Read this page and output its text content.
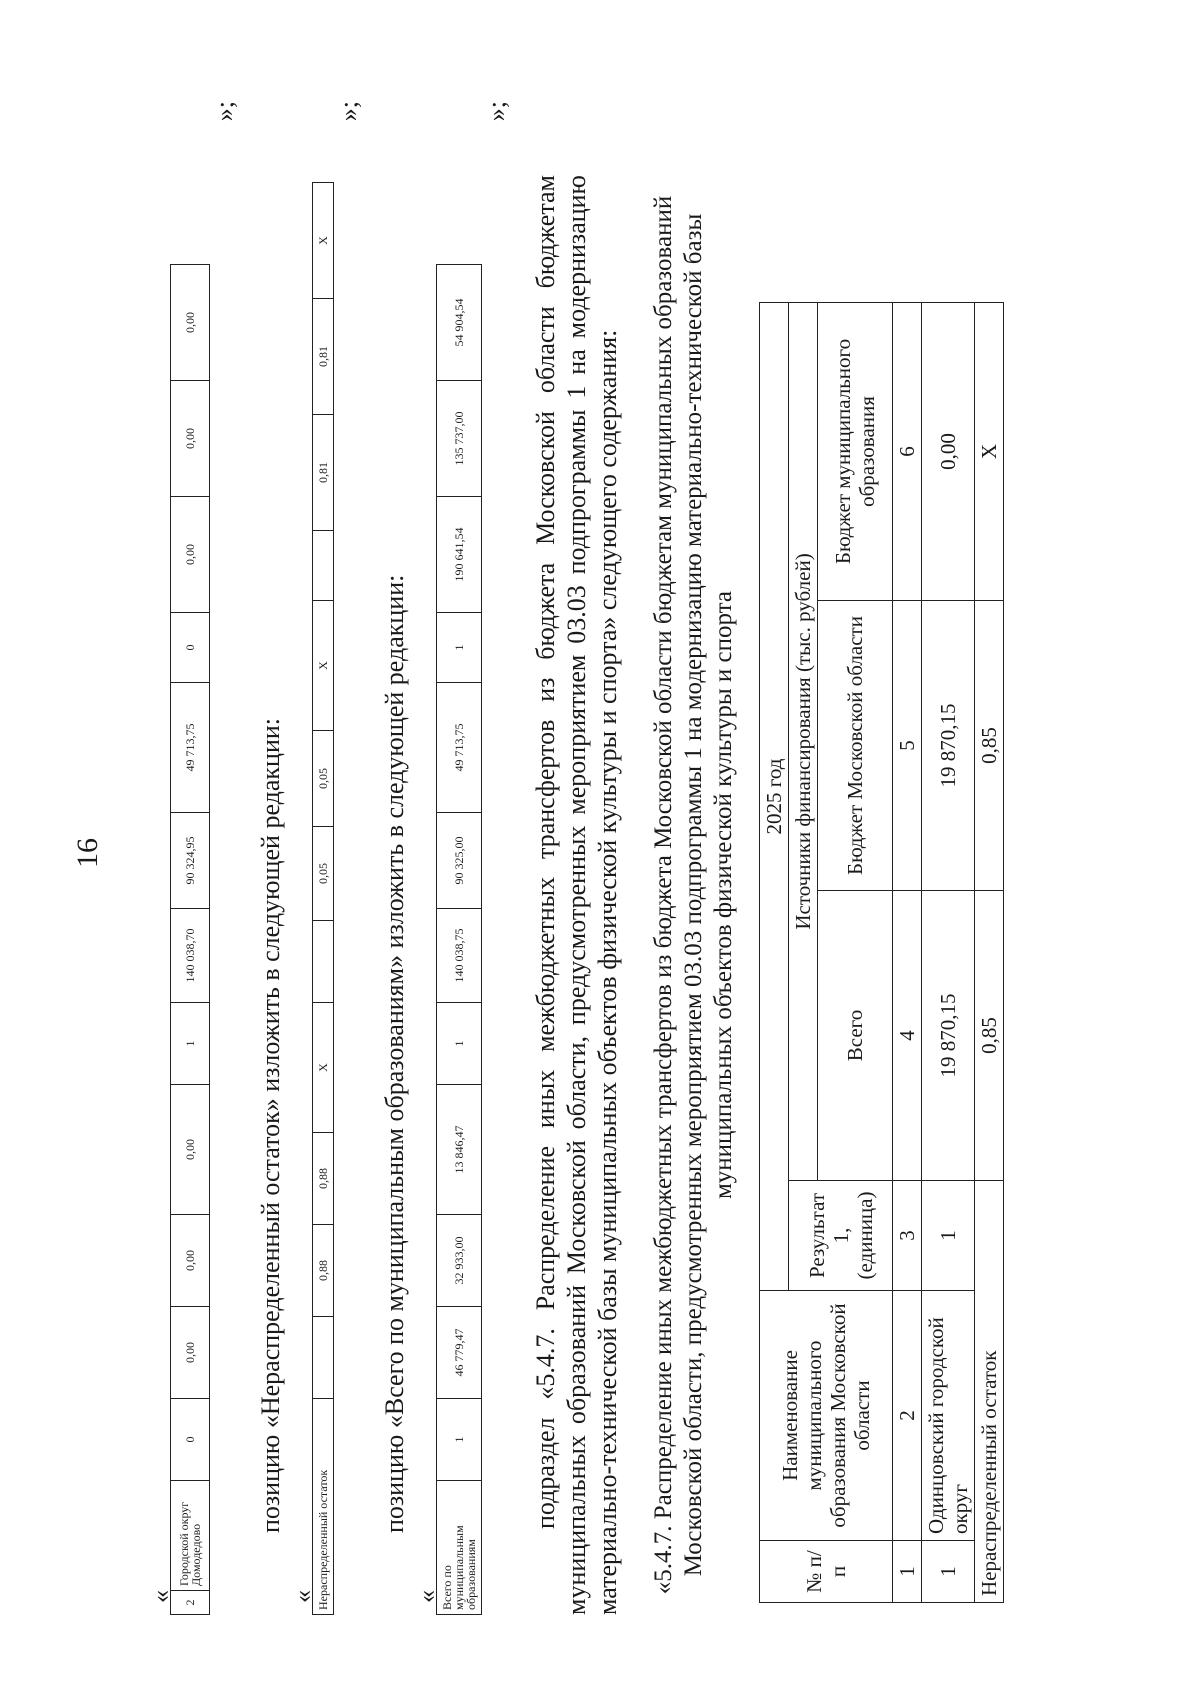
16
« 2	Городской округ Домодедово	0	0,00	0,00	0,00	1	140 038,70	90 324,95	49 713,75	0	0,00	0,00	0,00
»;
позицию «Нераспределенный остаток» изложить в следующей редакции:
« Нераспределенный остаток		0,88	0,88	X		0,05	0,05	X		0,81	0,81	X
»;
позицию «Всего по муниципальным образованиям» изложить в следующей редакции:
« Всего по муниципальным образованиям	1	46 779,47	32 933,00	13 846,47	1	140 038,75	90 325,00	49 713,75	1	190 641,54	135 737,00	54 904,54
»;
подраздел «5.4.7. Распределение иных межбюджетных трансфертов из бюджета Московской области бюджетам муниципальных образований Московской области, предусмотренных мероприятием 03.03 подпрограммы 1 на модернизацию материально-технической базы муниципальных объектов физической культуры и спорта» следующего содержания: «5.4.7. Распределение иных межбюджетных трансфертов из бюджета Московской области бюджетам муниципальных образований Московской области, предусмотренных мероприятием 03.03 подпрограммы 1 на модернизацию материально-технической базы муниципальных объектов физической культуры и спорта
№ п/п	Наименование муниципального образования Московской области	2025 год			
		Результат 1, (единица)	Источники финансирования (тыс. рублей)		
			Всего	Бюджет Московской области	Бюджет муниципального образования
1	2	3	4	5	6
1	Одинцовский городской округ	1	19 870,15	19 870,15	0,00
Нераспределенный остаток			0,85	0,85	X
